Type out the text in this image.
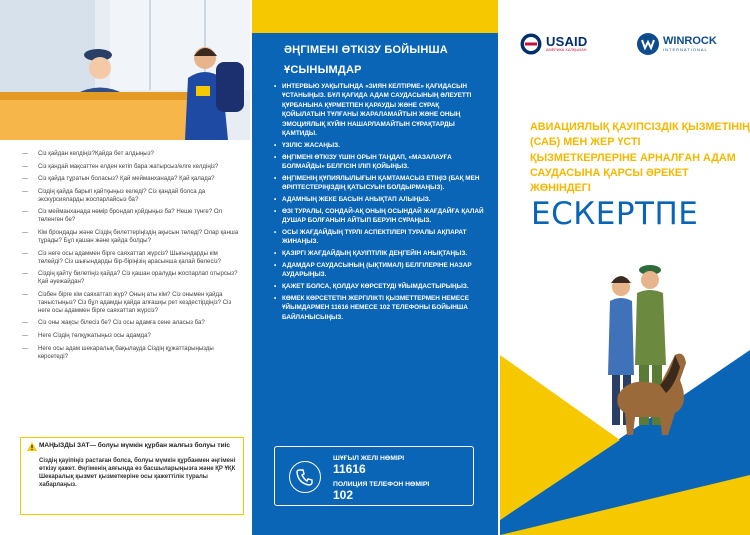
—	Сіз қайдан келдіңіз?Қайда бет алдыңыз?
—	Сіз қандай мақсаттен елден кетіп бара жатырсыз/елге келдіңіз?
—	Сіз қайда тұратын боласыз? Қай мейманханада? Қай қалада?
—	Сіздің қайда барып қайтқыңыз келеді? Сіз қандай болса да экскурсияларды жоспарлайсыз ба?
—	Сіз мейманханада нөмір брондап қойдыңыз ба? Неше түнге? Ол төленген бе?
—	Кім брондады және Сіздің билеттеріңіздің ақысын төледі? Олар қанша тұрады? Бұл қашан және қайда болды?
—	Сіз неге осы адаммен бірге саяхаттап жүрсіз? Шығындарды кім төлейді? Сіз шығындарды бір-біріңізің арасынша қалай бөлесіз?
—	Сіздің қайту билетіңіз қайда? Сіз қашан оралуды жоспарлап отырсыз? Қай әуежайдан?
—	Сізбен бірге кім саяхаттап жүр? Оның аты кім? Сіз онымен қайда таныстыңыз? Сіз бұл адамды қайда алғашқы рет кездестірдіңіз? Сіз неге осы адаммен бірге саяхаттап жүрсіз?
—	Сіз оны жақсы білесіз бе? Сіз осы адамға сене аласыз ба?
—	Неге Сіздің төлқұжатыңыз осы адамда?
—	Неге осы адам шекаралық бақылауда Сіздің құжаттарыңызды көрсетеді?
МАҢЫЗДЫ ЗАТ— болуы мүмкін құрбан жалғыз болуы тиіс
Сіздің қауіпіңіз растаған болса, болуы мүмкін құрбанмен әңгімені өткізу қажет. Әңгіменің аяғында өз басшыларыңызға және ҚР ҰҚК Шекаралық қызмет қызметкеріне осы қажеттілік туралы хабарлаңыз.
ӘҢГІМЕНІ ӨТКІЗУ БОЙЫНША ҰСЫНЫМДАР
• ИНТЕРВЬЮ УАҚЫТЫНДА «ЗИЯН КЕЛТІРМЕ» ҚАҒИДАСЫН ҰСТАНЫҢЫЗ. БҰЛ ҚАҒИДА АДАМ САУДАСЫНЫҢ ӘЛЕУЕТТІ ҚҰРБАНЫНА ҚҰРМЕТПЕН ҚАРАУДЫ ЖӘНЕ СҰРАҚ ҚОЙЫЛАТЫН ТҰЛҒАНЫ ЖАРАЛАМАЙТЫН ЖӘНЕ ОНЫҢ ЭМОЦИЯЛЫҚ КҮЙІН НАШАРЛАМАЙТЫН СҰРАҚТАРДЫ ҚАМТИДЫ.
• ҮЗІЛІС ЖАСАҢЫЗ.
• ӘҢГІМЕНІ ӨТКІЗУ ҮШІН ОРЫН ТАҢДАП, «МАЗАЛАУҒА БОЛМАЙДЫ» БЕЛГІСІН ІЛІП ҚОЙЫҢЫЗ.
• ӘҢГІМЕНІҢ ҚҰПИЯЛЫЛЫҒЫН ҚАМТАМАСЫЗ ЕТІҢІЗ (БАҚ МЕН ӘРІПТЕСТЕРІҢІЗДІҢ ҚАТЫСУЫН БОЛДЫРМАҢЫЗ).
• АДАМНЫҢ ЖЕКЕ БАСЫН АНЫҚТАП АЛЫҢЫЗ.
• ӨЗІ ТУРАЛЫ, СОНДАЙ-АҚ ОНЫҢ ОСЫНДАЙ ЖАҒДАЙҒА ҚАЛАЙ ДУШАР БОЛҒАНЫН АЙТЫП БЕРУІН СҰРАҢЫЗ.
• ОСЫ ЖАҒДАЙДЫҢ ТҮРЛІ АСПЕКТІЛЕРІ ТУРАЛЫ АҚПАРАТ ЖИНАҢЫЗ.
• ҚАЗІРГІ ЖАҒДАЙДЫҢ ҚАУІПТІЛІК ДЕҢГЕЙІН АНЫҚТАҢЫЗ.
• АДАМДАР САУДАСЫНЫҢ (ЫҚТИМАЛ) БЕЛГІЛЕРІНЕ НАЗАР АУДАРЫҢЫЗ.
• ҚАЖЕТ БОЛСА, ҚОЛДАУ КӨРСЕТУДІ ҰЙЫМДАСТЫРЫҢЫЗ.
• КӨМЕК КӨРСЕТЕТІН ЖЕРГІЛІКТІ ҚЫЗМЕТТЕРМЕН НЕМЕСЕ ҰЙЫМДАРМЕН 11616 НЕМЕСЕ 102 ТЕЛЕФОНЫ БОЙЫНША БАЙЛАНЫСЫҢЫЗ.
ШҰҒЫЛ ЖЕЛІ НӨМІРІ
11616
ПОЛИЦИЯ ТЕЛЕФОН НӨМІРІ
102
USAID
АМЕРИКА ХАЛҚЫНАН
WINROCK
INTERNATIONAL
АВИАЦИЯЛЫҚ ҚАУІПСІЗДІК ҚЫЗМЕТІНІҢ (САБ) МЕН ЖЕР ҮСТІ ҚЫЗМЕТКЕРЛЕРІНЕ АРНАЛҒАН АДАМ САУДАСЫНА ҚАРСЫ ӘРЕКЕТ ЖӨНІНДЕГІ
ЕСКЕРТПЕ
